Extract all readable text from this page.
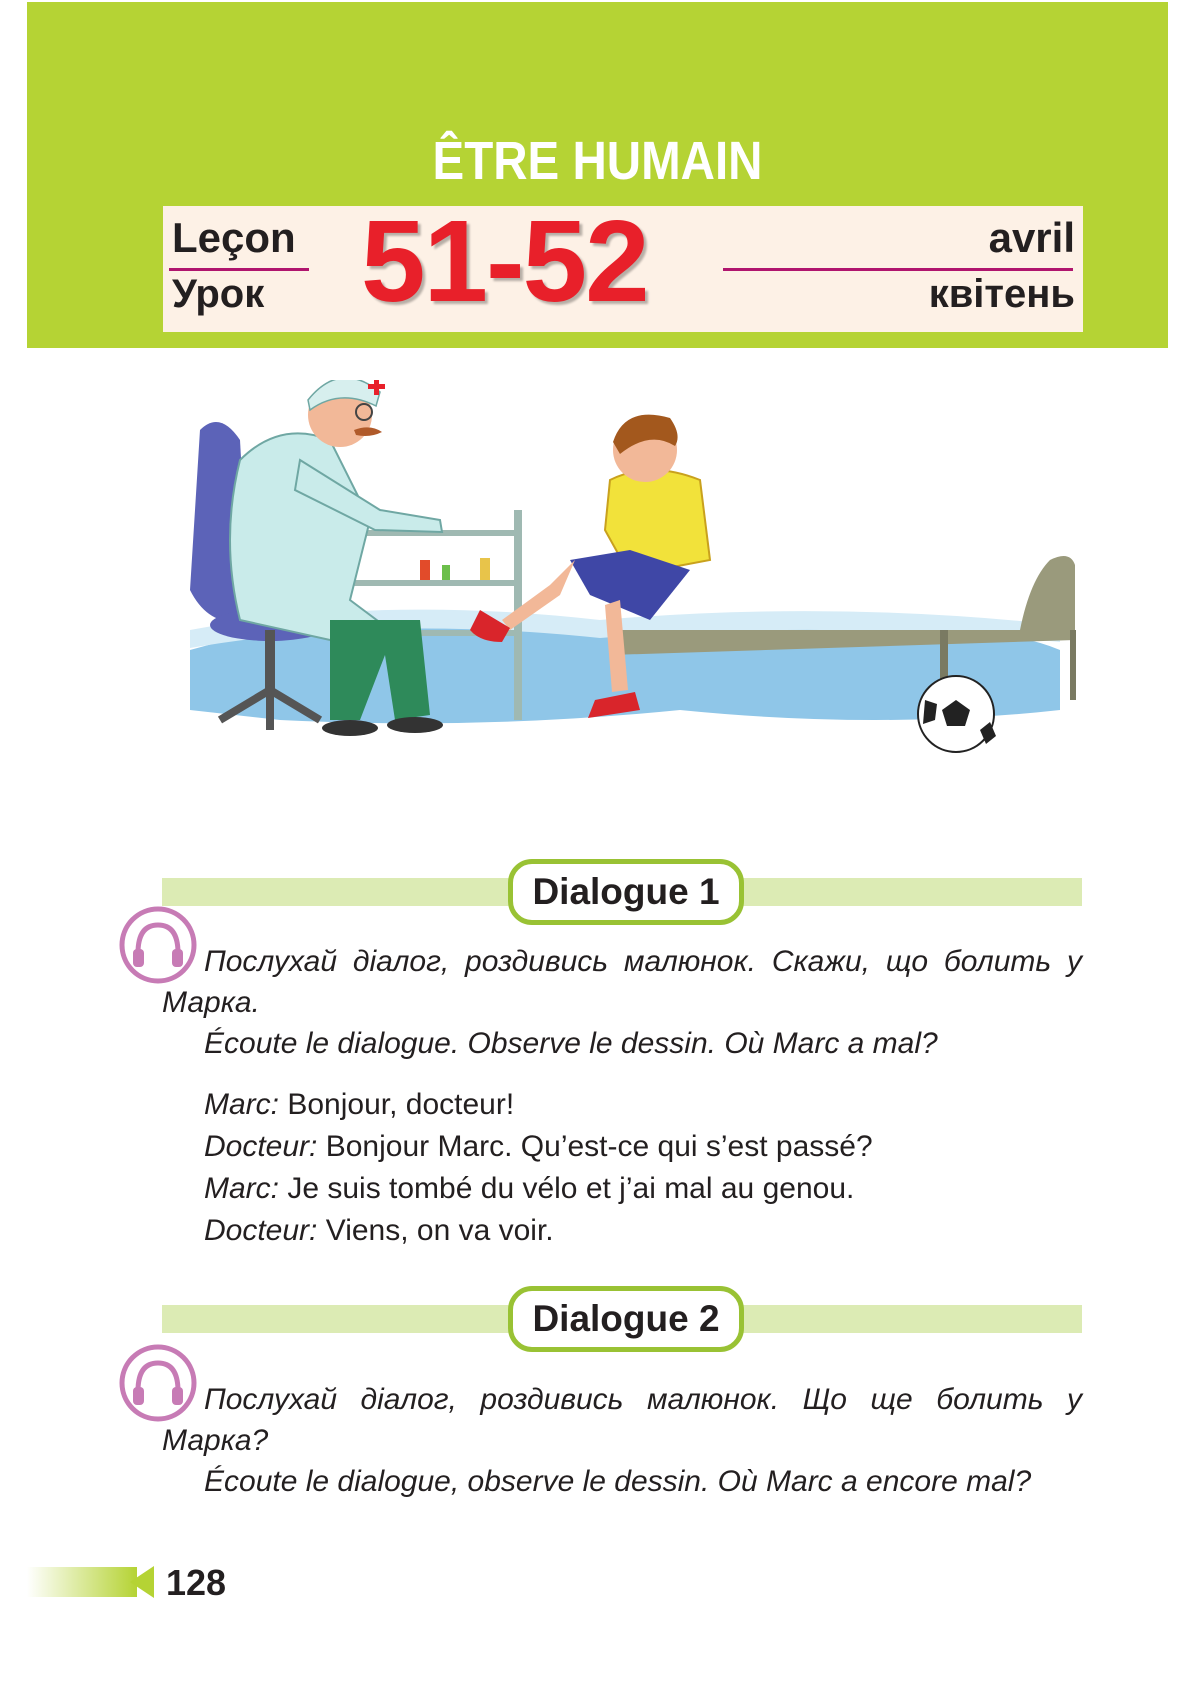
ÊTRE HUMAIN
Leçon
Урок 51-52	avril
квітень
Dialogue 1

Послухай діалог, роздивись малюнок. Скажи, що болить у Марка.

Écoute le dialogue. Observe le dessin. Où Marc a mal?

Marc: Bonjour, docteur!
Docteur: Bonjour Marc. Qu’est-ce qui s’est passé?
Marc: Je suis tombé du vélo et j’ai mal au genou.
Docteur: Viens, on va voir.
Dialogue 2

Послухай діалог, роздивись малюнок. Що ще болить у Марка?

Écoute le dialogue, observe le dessin. Où Marc a encore mal?

128
